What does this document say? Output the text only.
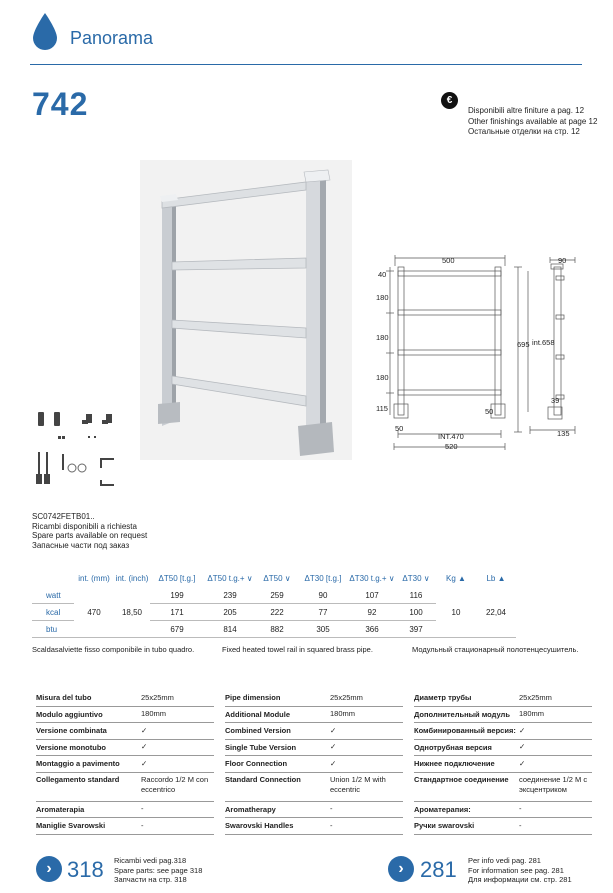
Panorama
742	€
Disponibili altre finiture a pag. 12
Other finishings available at page 12
Остальные отделки на стр. 12
500
40
180
180
180
115
50
50
INT.470
520
695 int.658
90
39
135
SC0742FETB01..
Ricambi disponibili a richiesta
Spare parts available on request
Запасные части под заказ
	int. (mm)	int. (inch)	ΔT50 [t.g.]	ΔT50 t.g.+ ∨	ΔT50 ∨	ΔT30 [t.g.]	ΔT30 t.g.+ ∨	ΔT30 ∨	Kg ▲	Lb ▲
watt	470	18,50	199	239	259	90	107	116	10	22,04
kcal			171	205	222	77	92	100		
btu			679	814	882	305	366	397		
Scaldasalviette fisso componibile in tubo quadro.	Fixed heated towel rail in squared brass pipe.	Модульный стационарный полотенцесушитель.
Misura del tubo	25x25mm
Modulo aggiuntivo	180mm
Versione combinata	✓
Versione monotubo	✓
Montaggio a pavimento	✓
Collegamento standard	Raccordo 1/2 M con eccentrico
Aromaterapia	-
Maniglie Svarowski	-
Pipe dimension	25x25mm
Additional Module	180mm
Combined Version	✓
Single Tube Version	✓
Floor Connection	✓
Standard Connection	Union 1/2 M with eccentric
Aromatherapy	-
Swarovski Handles	-
Диаметр трубы	25x25mm
Дополнительный модуль	180mm
Комбинированный версия: ✓
Однотрубная версия	✓
Нижнее подключение	✓
Стандартное соединение	соединение 1/2 M с эксцентриком
Ароматерапия:	-
Ручки swarovski	-
› 318 Ricambi vedi pag.318
Spare parts: see page 318
Запчасти на стр. 318
› 281 Per info vedi pag. 281
For information see pag. 281
Для информации см. стр. 281
